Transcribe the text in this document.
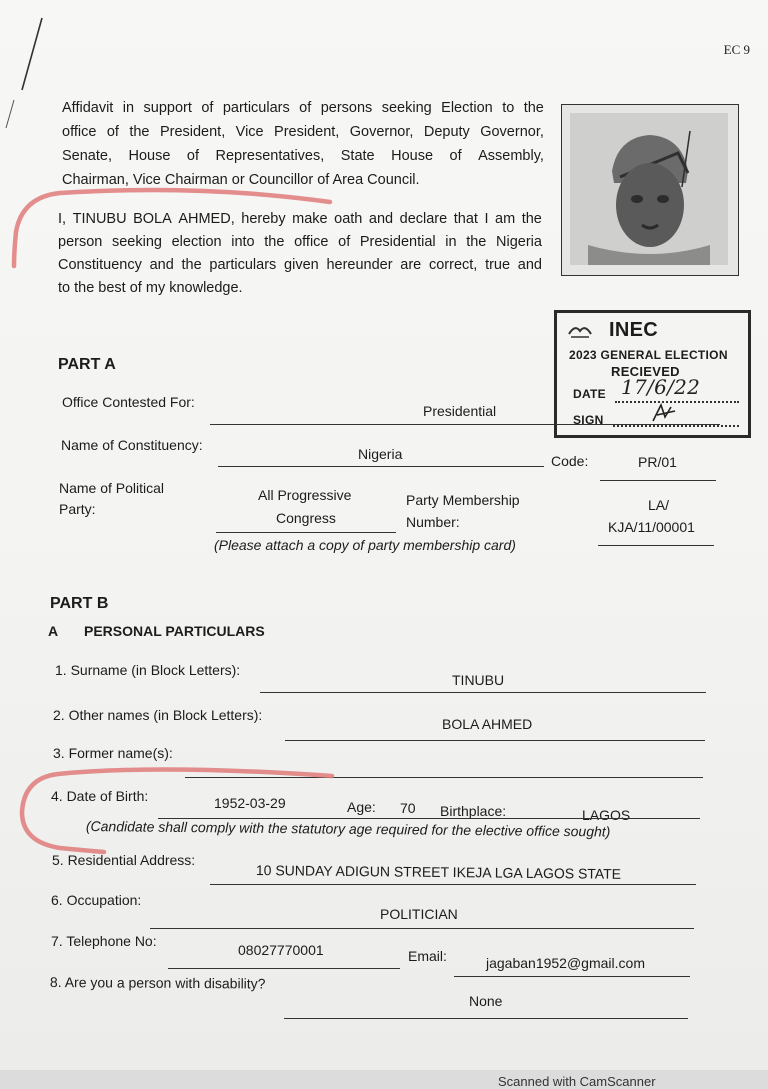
EC 9
Affidavit in support of particulars of persons seeking Election to the
office of the President, Vice President, Governor, Deputy Governor,
Senate, House of Representatives, State House of Assembly,
Chairman, Vice Chairman or Councillor of Area Council.
I, TINUBU BOLA AHMED, hereby make oath and declare that I am the
person seeking election into the office of Presidential in the Nigeria
Constituency and the particulars given hereunder are correct, true and
to the best of my knowledge.
INEC
2023 GENERAL ELECTION
RECIEVED
DATE 17/6/22
SIGN
PART A
Office Contested For:
Presidential
Name of Constituency:
Nigeria	Code:	PR/01
Name of Political
Party:
All Progressive
Congress
Party Membership
Number:
LA/
KJA/11/00001
(Please attach a copy of party membership card)
PART B
A PERSONAL PARTICULARS
1. Surname (in Block Letters):
TINUBU
2. Other names (in Block Letters):
BOLA AHMED
3. Former name(s):
4. Date of Birth:	1952-03-29	Age: 70 Birthplace:	LAGOS
(Candidate shall comply with the statutory age required for the elective office sought)
5. Residential Address:
10 SUNDAY ADIGUN STREET IKEJA LGA LAGOS STATE
6. Occupation:
POLITICIAN
7. Telephone No:
08027770001	Email:	jagaban1952@gmail.com
8. Are you a person with disability?
None
Scanned with CamScanner
